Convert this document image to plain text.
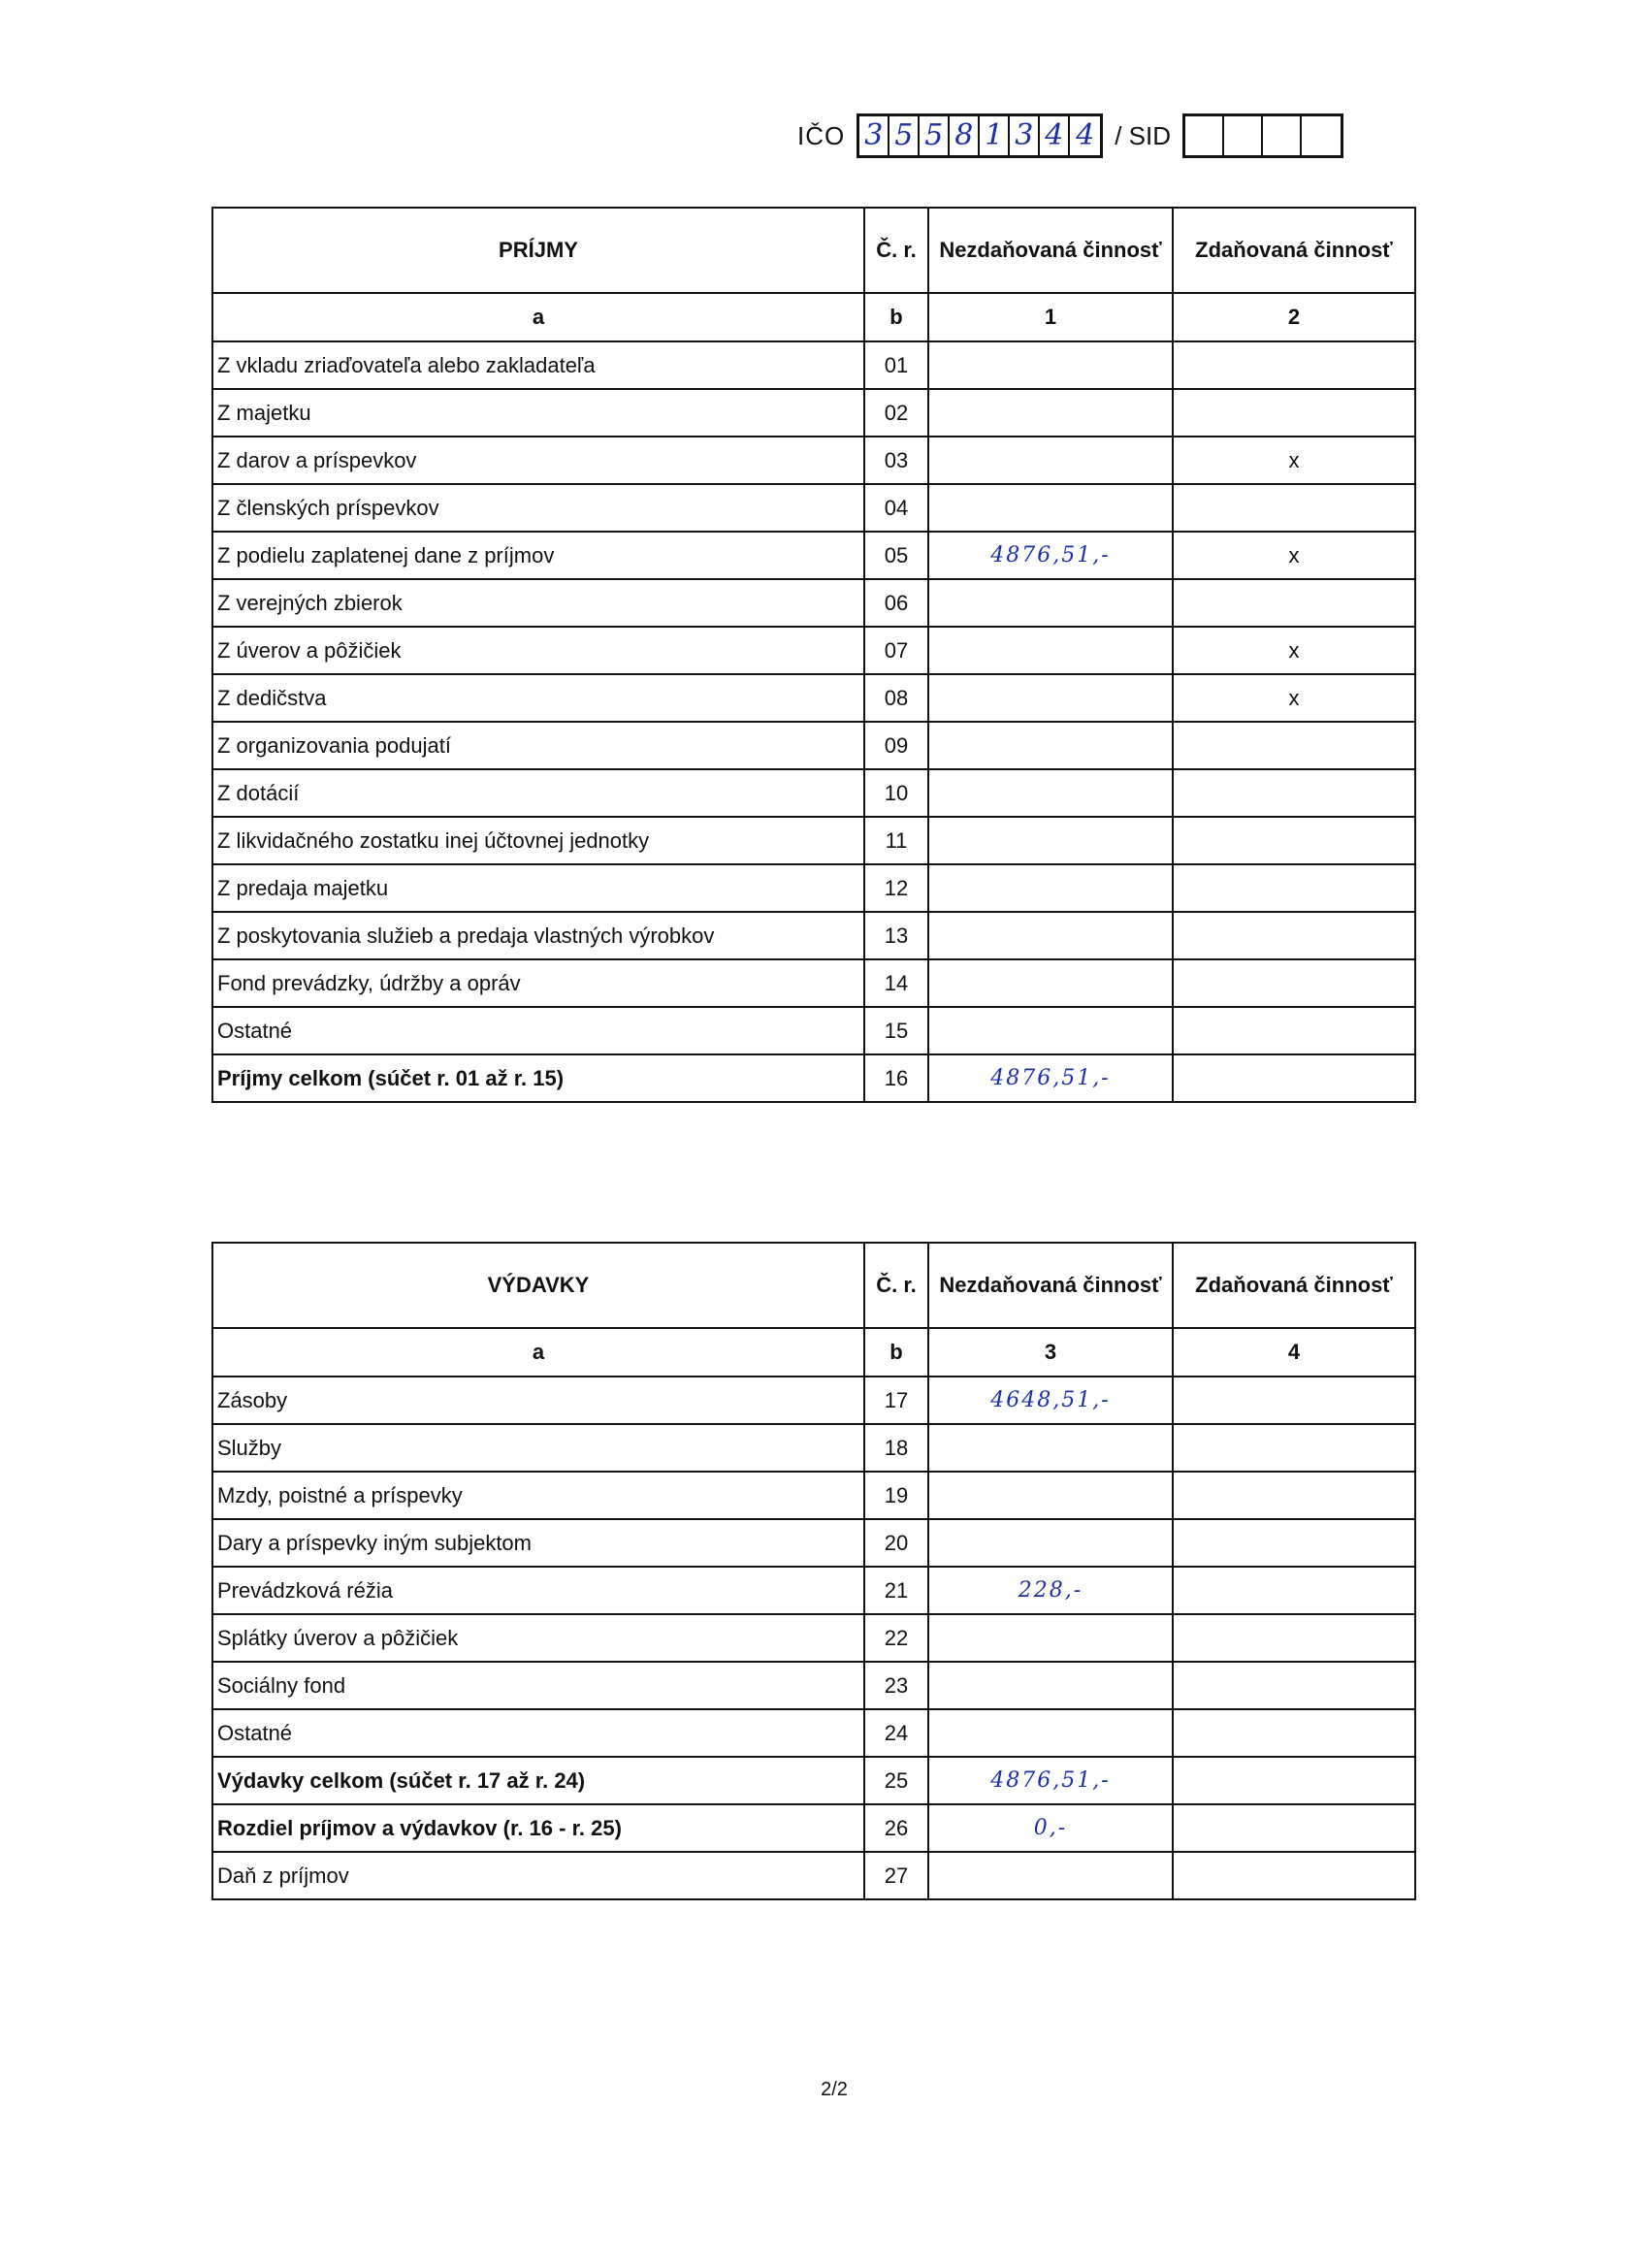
IČO 3 5 5 8 1 3 4 4 / SID
PRÍJMY	Č. r.	Nezdaňovaná činnosť	Zdaňovaná činnosť
a	b	1	2
Z vkladu zriaďovateľa alebo zakladateľa	01		
Z majetku	02		
Z darov a príspevkov	03		x
Z členských príspevkov	04		
Z podielu zaplatenej dane z príjmov	05	4876,51,-	x
Z verejných zbierok	06		
Z úverov a pôžičiek	07		x
Z dedičstva	08		x
Z organizovania podujatí	09		
Z dotácií	10		
Z likvidačného zostatku inej účtovnej jednotky	11		
Z predaja majetku	12		
Z poskytovania služieb a predaja vlastných výrobkov	13		
Fond prevádzky, údržby a opráv	14		
Ostatné	15		
Príjmy celkom (súčet r. 01 až r. 15)	16	4876,51,-	
VÝDAVKY	Č. r.	Nezdaňovaná činnosť	Zdaňovaná činnosť
a	b	3	4
Zásoby	17	4648,51,-	
Služby	18		
Mzdy, poistné a príspevky	19		
Dary a príspevky iným subjektom	20		
Prevádzková réžia	21	228,-	
Splátky úverov a pôžičiek	22		
Sociálny fond	23		
Ostatné	24		
Výdavky celkom (súčet r. 17 až r. 24)	25	4876,51,-	
Rozdiel príjmov a výdavkov (r. 16 - r. 25)	26	0,-	
Daň z príjmov	27		
2/2
